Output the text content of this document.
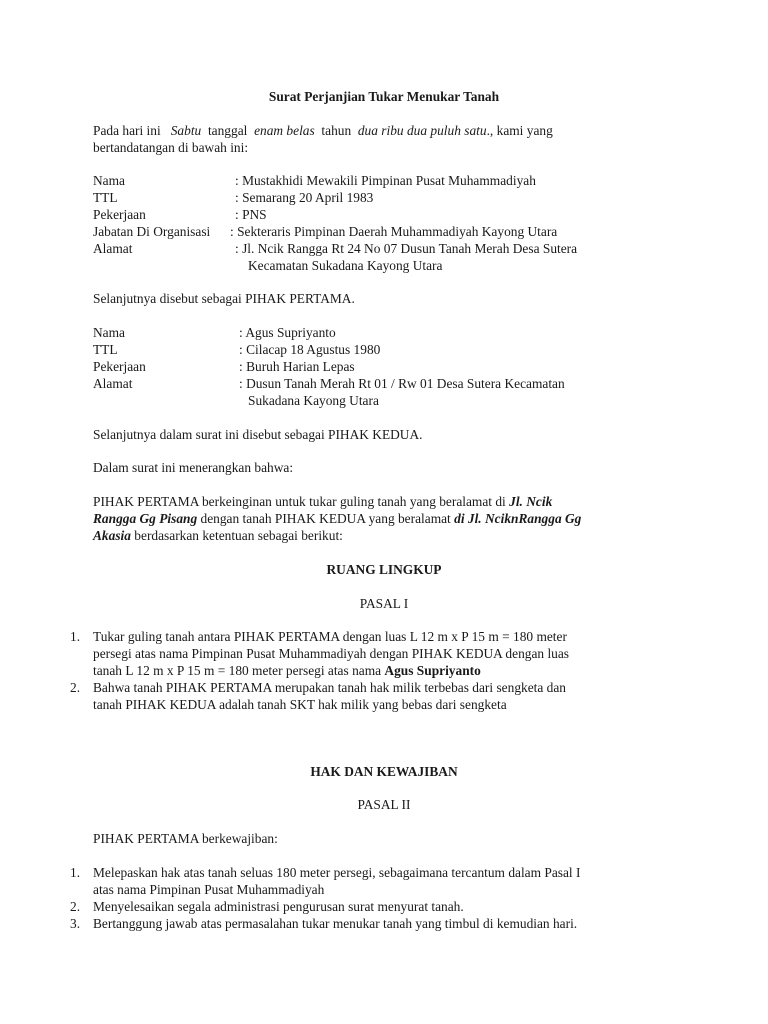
Surat Perjanjian Tukar Menukar Tanah
Pada hari ini Sabtu tanggal enam belas tahun dua ribu dua puluh satu., kami yang
bertandatangan di bawah ini:
Nama	: Mustakhidi Mewakili Pimpinan Pusat Muhammadiyah
TTL	: Semarang 20 April 1983
Pekerjaan	: PNS
Jabatan Di Organisasi : Sekteraris Pimpinan Daerah Muhammadiyah Kayong Utara
Alamat	: Jl. Ncik Rangga Rt 24 No 07 Dusun Tanah Merah Desa Sutera
Kecamatan Sukadana Kayong Utara
Selanjutnya disebut sebagai PIHAK PERTAMA.
Nama	: Agus Supriyanto
TTL	: Cilacap 18 Agustus 1980
Pekerjaan	: Buruh Harian Lepas
Alamat	: Dusun Tanah Merah Rt 01 / Rw 01 Desa Sutera Kecamatan
Sukadana Kayong Utara
Selanjutnya dalam surat ini disebut sebagai PIHAK KEDUA.
Dalam surat ini menerangkan bahwa:
PIHAK PERTAMA berkeinginan untuk tukar guling tanah yang beralamat di Jl. Ncik
Rangga Gg Pisang dengan tanah PIHAK KEDUA yang beralamat di Jl. NciknRangga Gg
Akasia berdasarkan ketentuan sebagai berikut:
RUANG LINGKUP
PASAL I
1. Tukar guling tanah antara PIHAK PERTAMA dengan luas L 12 m x P 15 m = 180 meter
persegi atas nama Pimpinan Pusat Muhammadiyah dengan PIHAK KEDUA dengan luas
tanah L 12 m x P 15 m = 180 meter persegi atas nama Agus Supriyanto
2. Bahwa tanah PIHAK PERTAMA merupakan tanah hak milik terbebas dari sengketa dan
tanah PIHAK KEDUA adalah tanah SKT hak milik yang bebas dari sengketa
HAK DAN KEWAJIBAN
PASAL II
PIHAK PERTAMA berkewajiban:
1. Melepaskan hak atas tanah seluas 180 meter persegi, sebagaimana tercantum dalam Pasal I
atas nama Pimpinan Pusat Muhammadiyah
2. Menyelesaikan segala administrasi pengurusan surat menyurat tanah.
3. Bertanggung jawab atas permasalahan tukar menukar tanah yang timbul di kemudian hari.
